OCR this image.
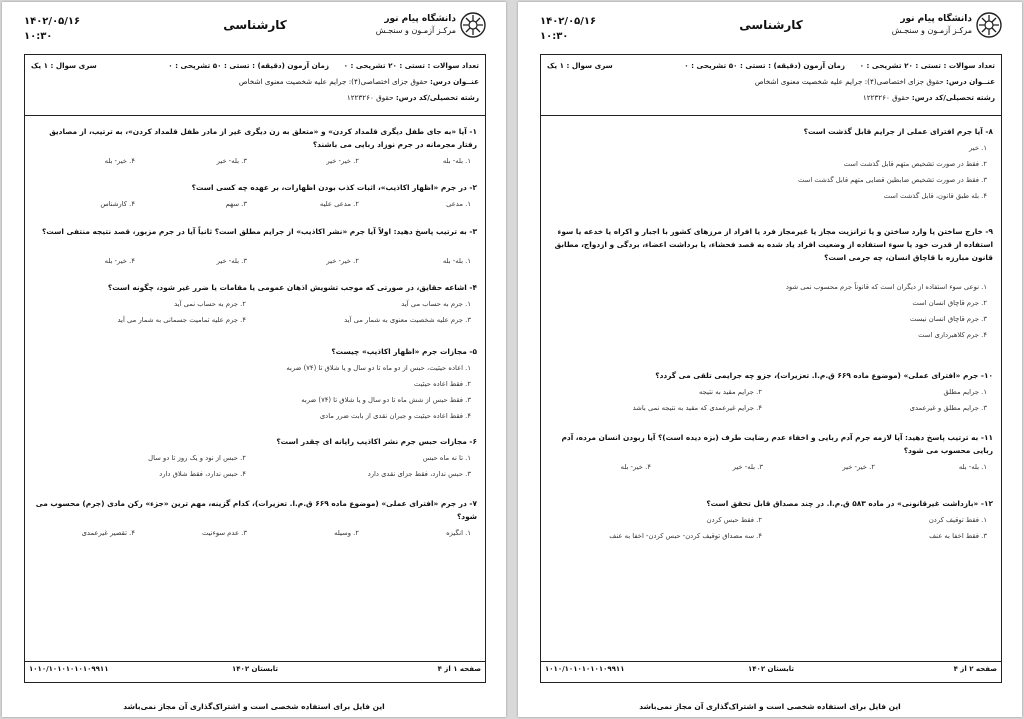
۱۴۰۲/۰۵/۱۶
۱۰:۳۰
کارشناسی	دانشگاه پیام نور
مرکـز آزمـون و سنجـش
تعداد سوالات : تستی : ۲۰ تشریحی : ۰
زمان آزمون (دقیقه) : تستی : ۵۰ تشریحی : ۰
سری سوال : ۱ یک
عنــوان درس: حقوق جزای اختصاصی(۴): جرایم علیه شخصیت معنوی اشخاص
رشته تحصیلی/کد درس: حقوق ۱۲۲۳۲۶۰
۱- آیا «به جای طفل دیگری قلمداد کردن» و «متعلق به زن دیگری غیر از مادر طفل قلمداد کردن»، به ترتیب، از مصادیق رفتار مجرمانه در جرم نوزاد ربایی می باشند؟
۱. بله- بله
۲. خیر- خیر
۳. بله- خیر
۴. خیر- بله
۲- در جرم «اظهار اکاذیب»، اثبات کذب بودن اظهارات، بر عهده چه کسی است؟
۱. مدعی
۲. مدعی علیه
۳. سهم
۴. کارشناس
۳- به ترتیب پاسخ دهید: اولاً آیا جرم «نشر اکاذیب» از جرایم مطلق است؟ ثانیاً آیا در جرم مزبور، قصد نتیجه منتفی است؟
۱. بله- بله
۲. خیر- خیر
۳. بله- خیر
۴. خیر- بله
۴- اشاعه حقایق، در صورتی که موجب تشویش اذهان عمومی یا مقامات یا ضرر غیر شود، چگونه است؟
۱. جرم به حساب می آید
۲. جرم به حساب نمی آید
۳. جرم علیه شخصیت معنوی به شمار می آید
۴. جرم علیه تمامیت جسمانی به شمار می آید
۵- مجازات جرم «اظهار اکاذیب» چیست؟
۱. اعاده حیثیت، حبس از دو ماه تا دو سال و یا شلاق تا (۷۴) ضربه
۲. فقط اعاده حیثیت
۳. فقط حبس از شش ماه تا دو سال و یا شلاق تا (۷۴) ضربه
۴. فقط اعاده حیثیت و جبران نقدی از بابت ضرر مادی
۶- مجازات حبس جرم نشر اکاذیب رایانه ای چقدر است؟
۱. تا نه ماه حبس
۲. حبس از نود و یک روز تا دو سال
۳. حبس ندارد، فقط جزای نقدی دارد
۴. حبس ندارد، فقط شلاق دارد
۷- در جرم «افترای عملی» (موضوع ماده ۶۶۹ ق.م.ا. تعزیرات)، کدام گزینه، مهم ترین «جزء» رکن مادی (جرم) محسوب می شود؟
۱. انگیزه
۲. وسیله
۳. عدم سوءنیت
۴. تقصیر غیرعمدی
۱۰۱۰/۱۰۱۰۱۰۱۰۱۰۹۹۱۱	تابستان ۱۴۰۲	صفحه ۱ از ۴
این فایل برای استفاده شخصی است و اشتراک‌گذاری آن مجاز نمی‌باشد
۱۴۰۲/۰۵/۱۶
۱۰:۳۰
کارشناسی	دانشگاه پیام نور
مرکـز آزمـون و سنجـش
تعداد سوالات : تستی : ۲۰ تشریحی : ۰
زمان آزمون (دقیقه) : تستی : ۵۰ تشریحی : ۰
سری سوال : ۱ یک
عنــوان درس: حقوق جزای اختصاصی(۴): جرایم علیه شخصیت معنوی اشخاص
رشته تحصیلی/کد درس: حقوق ۱۲۲۳۲۶۰
۸- آیا جرم افترای عملی از جرایم قابل گذشت است؟
۱. خیر
۲. فقط در صورت تشخیص متهم قابل گذشت است
۳. فقط در صورت تشخیص ضابطین قضایی متهم قابل گذشت است
۴. بله طبق قانون، قابل گذشت است
۹- خارج ساختن یا وارد ساختن و یا ترانزیت مجاز یا غیرمجاز فرد یا افراد از مرزهای کشور با اجبار و اکراه یا خدعه یا سوء استفاده از قدرت خود یا سوء استفاده از وضعیت افراد یاد شده به قصد فحشاء، یا برداشت اعضاء، بردگی و ازدواج، مطابق قانون مبارزه با قاچاق انسان، چه جرمی است؟
۱. نوعی سوء استفاده از دیگران است که قانوناً جرم محسوب نمی شود
۲. جرم قاچاق انسان است
۳. جرم قاچاق انسان نیست
۴. جرم کلاهبرداری است
۱۰- جرم «افترای عملی» (موضوع ماده ۶۶۹ ق.م.ا. تعزیرات)، جزو چه جرایمی تلقی می گردد؟
۱. جرایم مطلق
۲. جرایم مقید به نتیجه
۳. جرایم مطلق و غیرعمدی
۴. جرایم غیرعمدی که مقید به نتیجه نمی باشد
۱۱- به ترتیب پاسخ دهید: آیا لازمه جرم آدم ربایی و اخفاء عدم رضایت طرف (بزه دیده است)؟ آیا ربودن انسان مرده، آدم ربایی محسوب می شود؟
۱. بله- بله
۲. خیر- خیر
۳. بله- خیر
۴. خیر- بله
۱۲- «بازداشت غیرقانونی» در ماده ۵۸۳ ق.م.ا. در چند مصداق قابل تحقق است؟
۱. فقط توقیف کردن
۲. فقط حبس کردن
۳. فقط اخفا به عنف
۴. سه مصداق توقیف کردن- حبس کردن- اخفا به عنف
۱۰۱۰/۱۰۱۰۱۰۱۰۱۰۹۹۱۱	تابستان ۱۴۰۲	صفحه ۲ از ۴
این فایل برای استفاده شخصی است و اشتراک‌گذاری آن مجاز نمی‌باشد
